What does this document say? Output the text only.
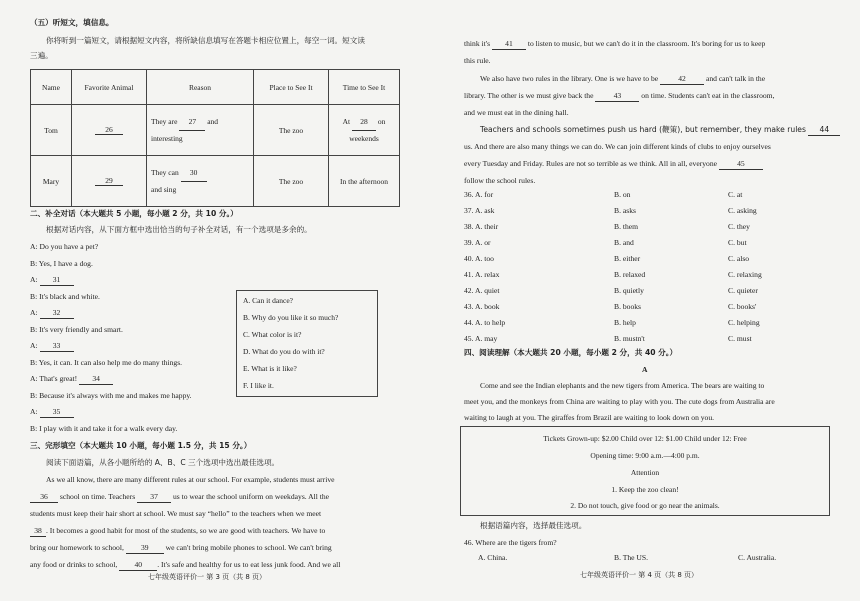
（五）听短文，填信息。
你将听到一篇短文，请根据短文内容，将所缺信息填写在答题卡相应位置上，每空一词。短文读
三遍。
Name	Favorite Animal	Reason	Place to See It	Time to See It
Tom	26	They are 27 and
interesting	The zoo	At 28 on
weekends
Mary	29	They can 30
and sing	The zoo	In the afternoon
二、补全对话（本大题共 5 小题，每小题 2 分，共 10 分。）
根据对话内容，从下面方框中选出恰当的句子补全对话，有一个选项是多余的。
A: Do you have a pet?
B: Yes, I have a dog.
A: 31
B: It's black and white.
A: 32
B: It's very friendly and smart.
A: 33
B: Yes, it can. It can also help me do many things.
A: That's great! 34
B: Because it's always with me and makes me happy.
A: 35
B: I play with it and take it for a walk every day.
A. Can it dance?
B. Why do you like it so much?
C. What color is it?
D. What do you do with it?
E. What is it like?
F. I like it.
三、完形填空（本大题共 10 小题，每小题 1.5 分，共 15 分。）
阅读下面语篇，从各小题所给的 A、B、C 三个选项中选出最佳选项。
As we all know, there are many different rules at our school. For example, students must arrive
36 school on time. Teachers 37 us to wear the school uniform on weekdays. All the
students must keep their hair short at school. We must say “hello” to the teachers when we meet
38 . It becomes a good habit for most of the students, so we are good with teachers. We have to
bring our homework to school, 39 we can't bring mobile phones to school. We can't bring
any food or drinks to school, 40 . It's safe and healthy for us to eat less junk food. And we all
七年级英语评价一 第 3 页（共 8 页）
think it's 41 to listen to music, but we can't do it in the classroom. It's boring for us to keep
this rule.
We also have two rules in the library. One is we have to be	42	and can't talk in the
library. The other is we must give back the	43	on time. Students can't eat in the classroom,
and we must eat in the dining hall.
Teachers and schools sometimes push us hard (鞭策), but remember, they make rules 44
us. And there are also many things we can do. We can join different kinds of clubs to enjoy ourselves
every Tuesday and Friday. Rules are not so terrible as we think. All in all, everyone	45
follow the school rules.
36. A. for	B. on	C. at
37. A. ask	B. asks	C. asking
38. A. their	B. them	C. they
39. A. or	B. and	C. but
40. A. too	B. either	C. also
41. A. relax	B. relaxed	C. relaxing
42. A. quiet	B. quietly	C. quieter
43. A. book	B. books	C. books'
44. A. to help	B. help	C. helping
45. A. may	B. mustn't	C. must
四、阅读理解（本大题共 20 小题，每小题 2 分，共 40 分。）
A
Come and see the Indian elephants and the new tigers from America. The bears are waiting to
meet you, and the monkeys from China are waiting to play with you. The cute dogs from Australia are
waiting to laugh at you. The giraffes from Brazil are waiting to look down on you.
Tickets Grown-up: $2.00 Child over 12: $1.00 Child under 12: Free
Opening time: 9:00 a.m.—4:00 p.m.
Attention
1. Keep the zoo clean!
2. Do not touch, give food or go near the animals.
根据语篇内容，选择最佳选项。
46. Where are the tigers from?
A. China.	B. The US.	C. Australia.
七年级英语评价一 第 4 页（共 8 页）
